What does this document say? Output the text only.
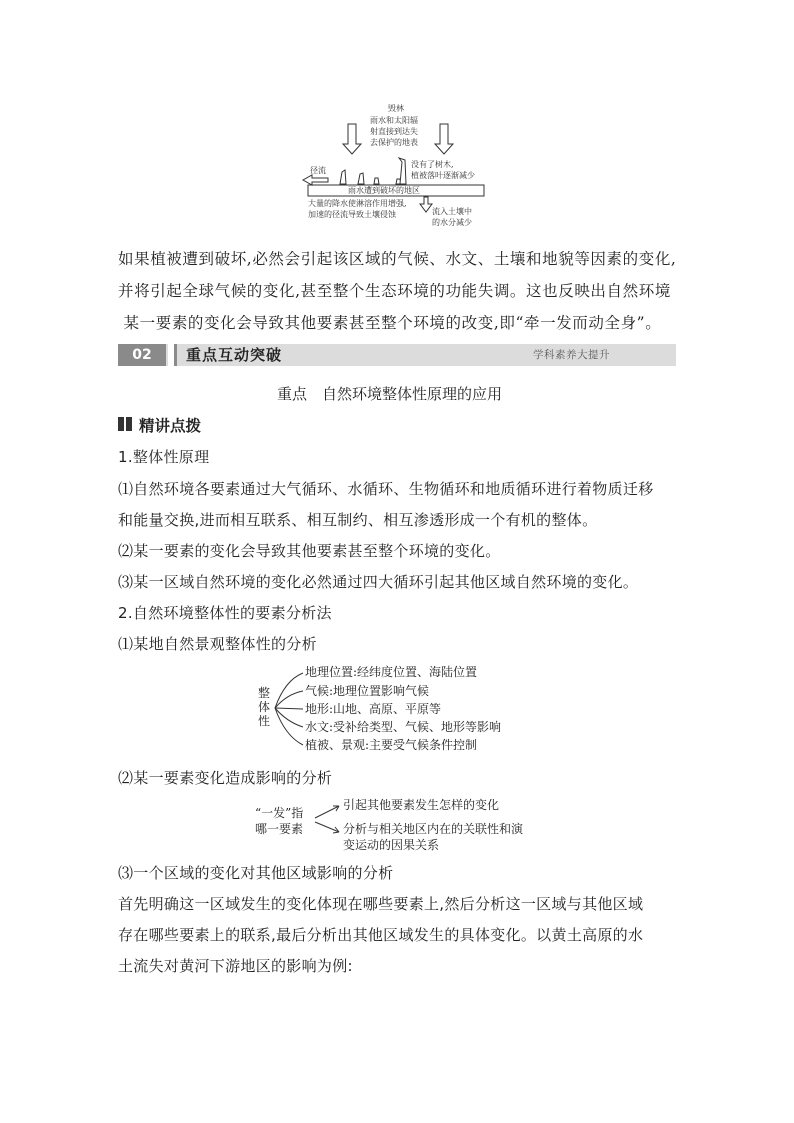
毁林
雨水和太阳辐
射直接到达失
去保护的地表
没有了树木,
植被落叶逐渐减少
径流
雨水遭到破坏的地区
大量的降水使淋溶作用增强,
加速的径流导致土壤侵蚀	流入土壤中
的水分减少
如果植被遭到破坏,必然会引起该区域的气候、水文、土壤和地貌等因素的变化,
并将引起全球气候的变化,甚至整个生态环境的功能失调。这也反映出自然环境
某一要素的变化会导致其他要素甚至整个环境的改变,即“牵一发而动全身”。
02	重点互动突破	学科素养大提升
重点　自然环境整体性原理的应用
精讲点拨
1.整体性原理
⑴自然环境各要素通过大气循环、水循环、生物循环和地质循环进行着物质迁移
和能量交换,进而相互联系、相互制约、相互渗透形成一个有机的整体。
⑵某一要素的变化会导致其他要素甚至整个环境的变化。
⑶某一区域自然环境的变化必然通过四大循环引起其他区域自然环境的变化。
2.自然环境整体性的要素分析法
⑴某地自然景观整体性的分析
整
体
性
地理位置:经纬度位置、海陆位置
气候:地理位置影响气候
地形:山地、高原、平原等
水文:受补给类型、气候、地形等影响
植被、景观:主要受气候条件控制
⑵某一要素变化造成影响的分析
“一发”指
哪一要素
引起其他要素发生怎样的变化
分析与相关地区内在的关联性和演
变运动的因果关系
⑶一个区域的变化对其他区域影响的分析
首先明确这一区域发生的变化体现在哪些要素上,然后分析这一区域与其他区域
存在哪些要素上的联系,最后分析出其他区域发生的具体变化。以黄土高原的水
土流失对黄河下游地区的影响为例:
